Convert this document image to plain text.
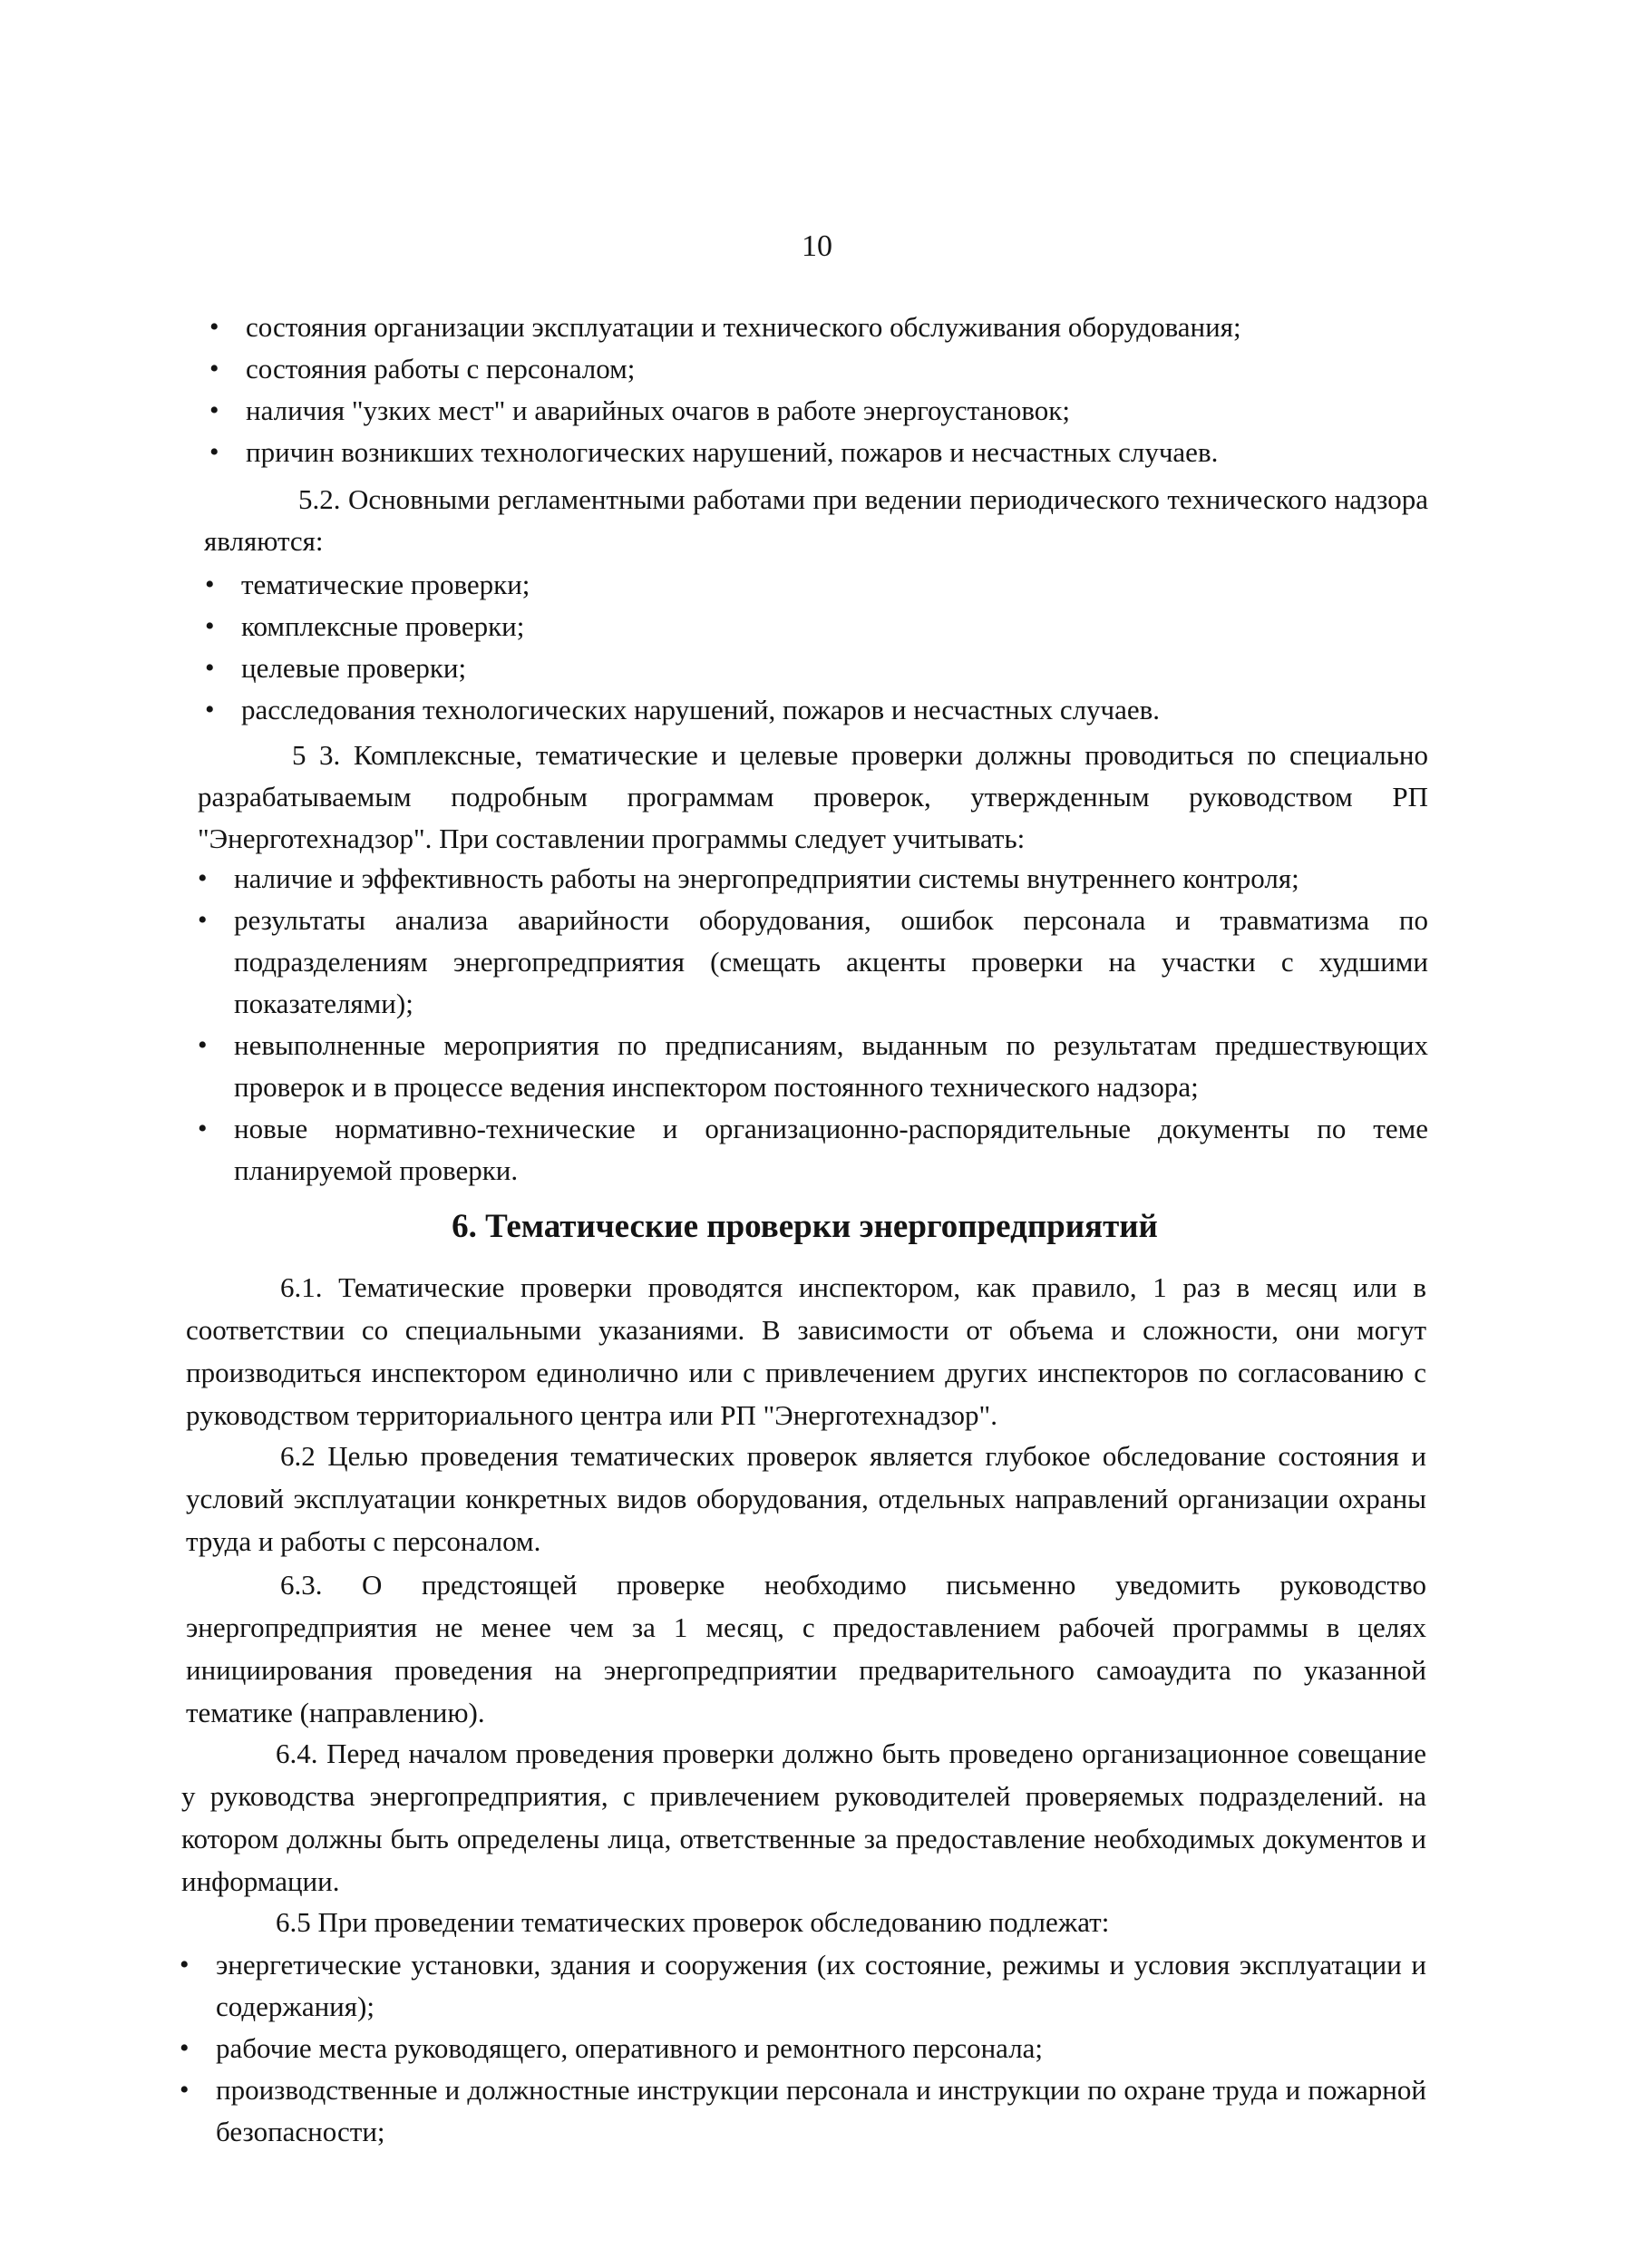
10
• состояния организации эксплуатации и технического обслуживания оборудования;
• состояния работы с персоналом;
• наличия "узких мест" и аварийных очагов в работе энергоустановок;
• причин возникших технологических нарушений, пожаров и несчастных случаев.
5.2. Основными регламентными работами при ведении периодического технического надзора являются:
• тематические проверки;
• комплексные проверки;
• целевые проверки;
• расследования технологических нарушений, пожаров и несчастных случаев.
5 3. Комплексные, тематические и целевые проверки должны проводиться по специально разрабатываемым подробным программам проверок, утвержденным руководством РП "Энерготехнадзор". При составлении программы следует учитывать:
• наличие и эффективность работы на энергопредприятии системы внутреннего контроля;
• результаты анализа аварийности оборудования, ошибок персонала и травматизма по подразделениям энергопредприятия (смещать акценты проверки на участки с худшими показателями);
• невыполненные мероприятия по предписаниям, выданным по результатам предшествующих проверок и в процессе ведения инспектором постоянного технического надзора;
• новые нормативно-технические и организационно-распорядительные документы по теме планируемой проверки.
6. Тематические проверки энергопредприятий
6.1. Тематические проверки проводятся инспектором, как правило, 1 раз в месяц или в соответствии со специальными указаниями. В зависимости от объема и сложности, они могут производиться инспектором единолично или с привлечением других инспекторов по согласованию с руководством территориального центра или РП "Энерготехнадзор".
6.2 Целью проведения тематических проверок является глубокое обследование состояния и условий эксплуатации конкретных видов оборудования, отдельных направлений организации охраны труда и работы с персоналом.
6.3. О предстоящей проверке необходимо письменно уведомить руководство энергопредприятия не менее чем за 1 месяц, с предоставлением рабочей программы в целях инициирования проведения на энергопредприятии предварительного самоаудита по указанной тематике (направлению).
6.4. Перед началом проведения проверки должно быть проведено организационное совещание у руководства энергопредприятия, с привлечением руководителей проверяемых подразделений. на котором должны быть определены лица, ответственные за предоставление необходимых документов и информации.
6.5 При проведении тематических проверок обследованию подлежат:
• энергетические установки, здания и сооружения (их состояние, режимы и условия эксплуатации и содержания);
• рабочие места руководящего, оперативного и ремонтного персонала;
• производственные и должностные инструкции персонала и инструкции по охране труда и пожарной безопасности;
